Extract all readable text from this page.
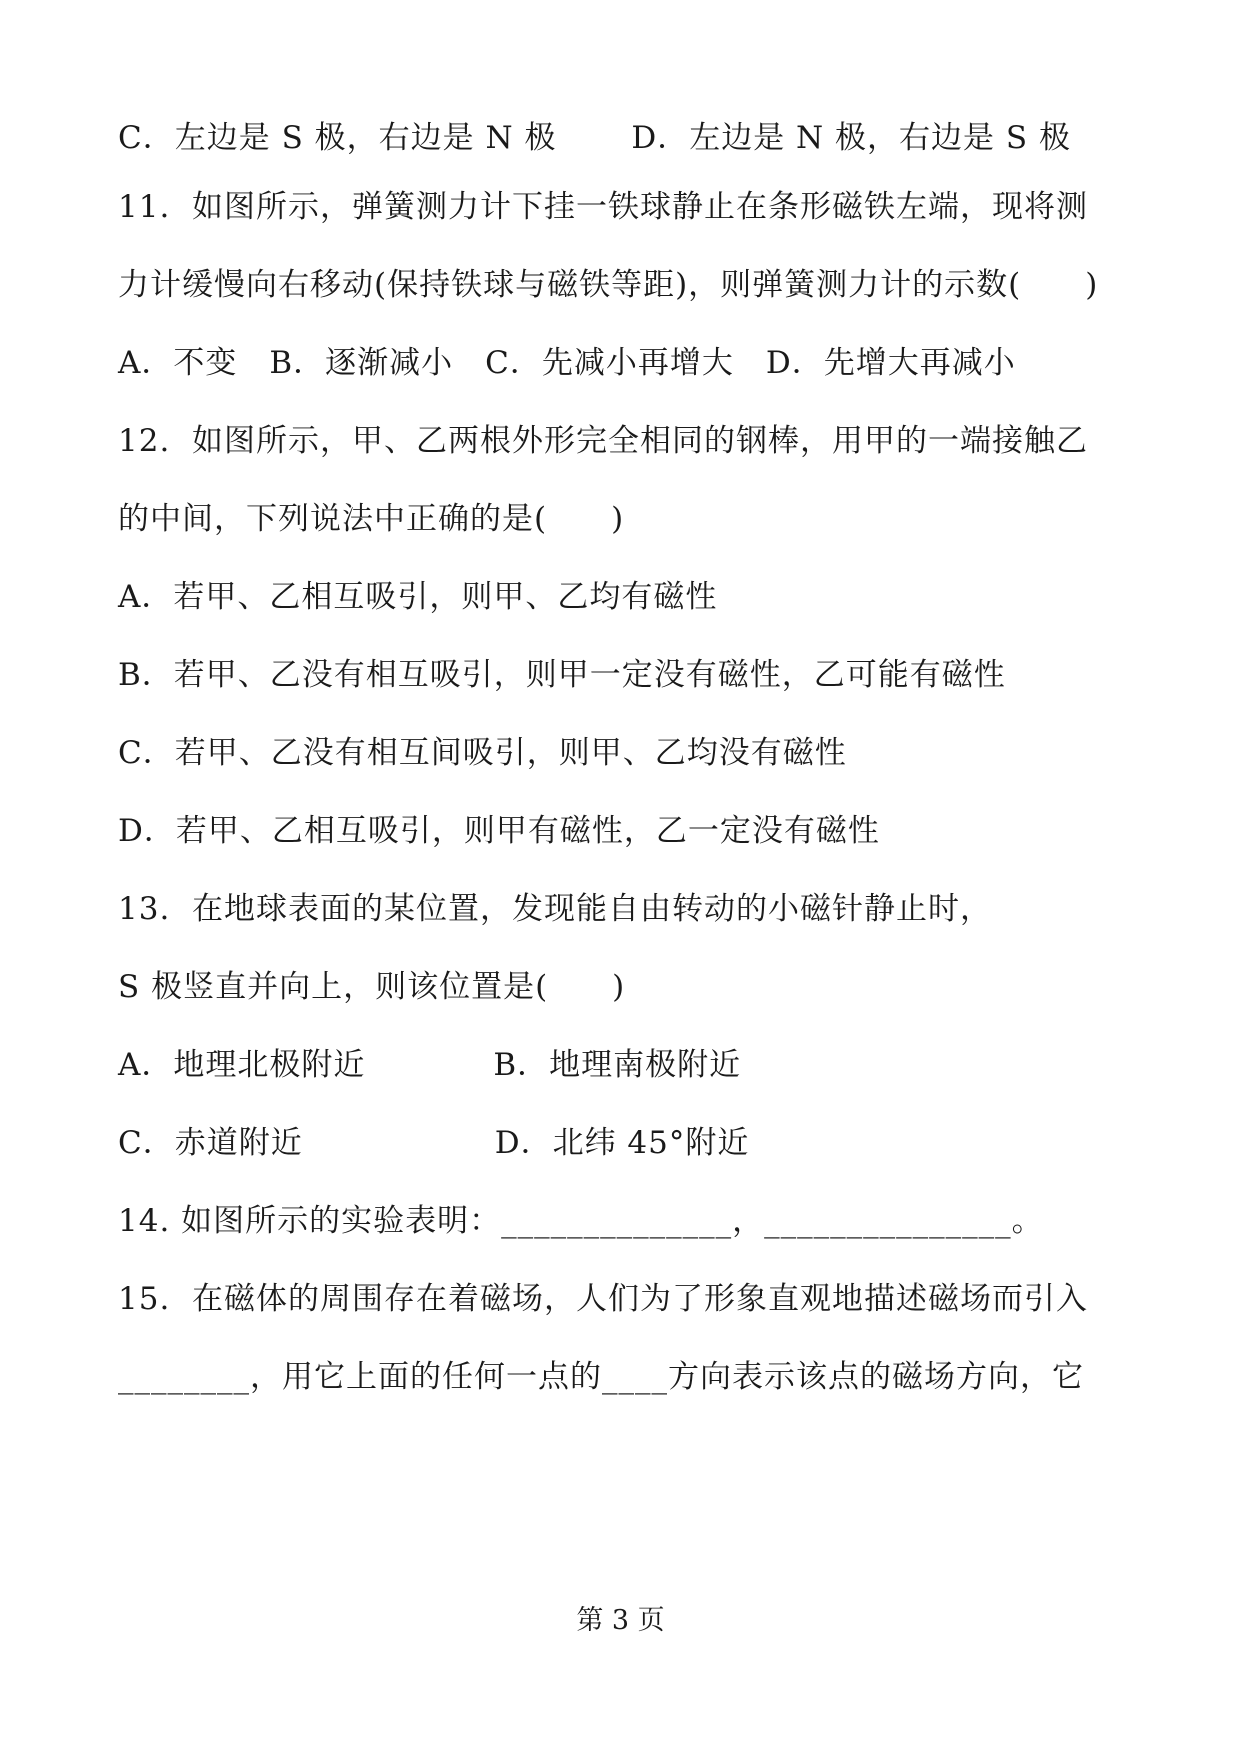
C．左边是 S 极，右边是 N 极　　 D．左边是 N 极，右边是 S 极
11.  如图所示，弹簧测力计下挂一铁球静止在条形磁铁左端，现将测
力计缓慢向右移动(保持铁球与磁铁等距)，则弹簧测力计的示数(　　)
A．不变　B．逐渐减小　C．先减小再增大　D．先增大再减小
12.  如图所示，甲、乙两根外形完全相同的钢棒，用甲的一端接触乙
的中间，下列说法中正确的是(　　)
A．若甲、乙相互吸引，则甲、乙均有磁性
B．若甲、乙没有相互吸引，则甲一定没有磁性，乙可能有磁性
C．若甲、乙没有相互间吸引，则甲、乙均没有磁性
D．若甲、乙相互吸引，则甲有磁性，乙一定没有磁性
13.  在地球表面的某位置，发现能自由转动的小磁针静止时，
S 极竖直并向上，则该位置是(　　)
A．地理北极附近　　　　B．地理南极附近
C．赤道附近　　　　　　D．北纬 45°附近
14. 如图所示的实验表明：______________，_______________。
15.  在磁体的周围存在着磁场，人们为了形象直观地描述磁场而引入
________，用它上面的任何一点的____方向表示该点的磁场方向，它
第 3 页
